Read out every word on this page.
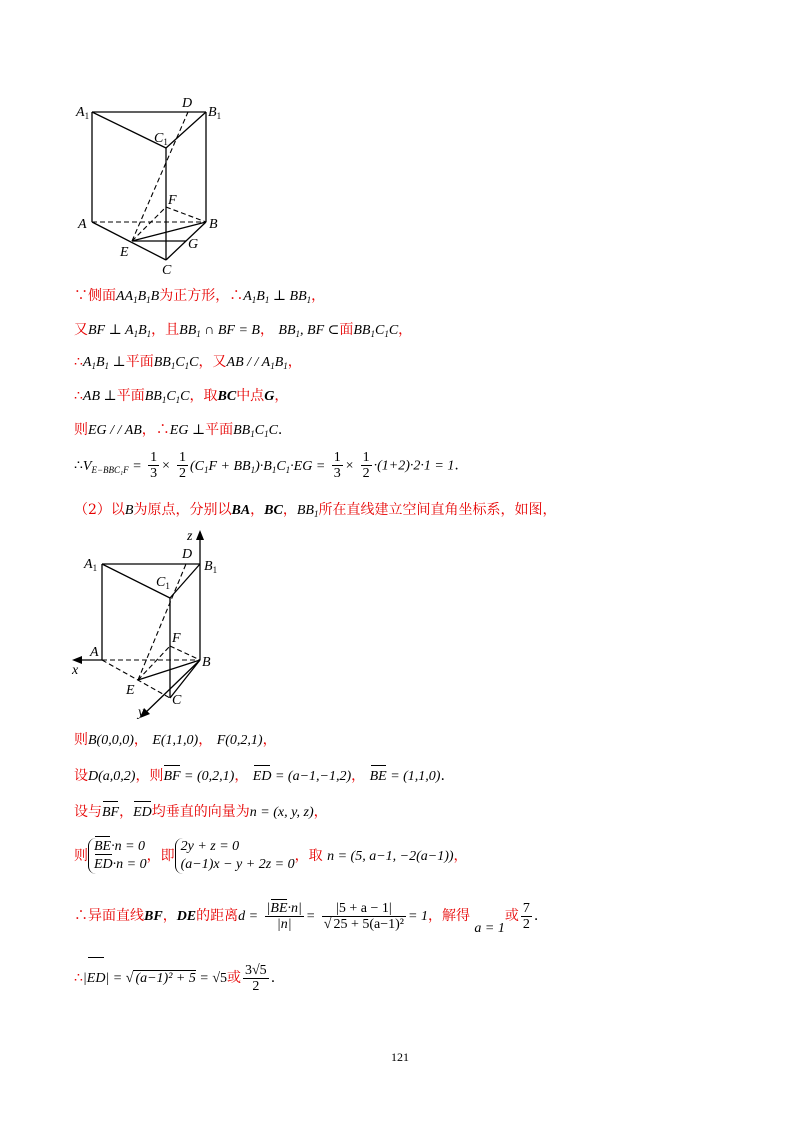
$A_1$
D
$B_1$
$C_1$
F
A	B
E
G
C
∵侧面$AA_1B_1B$为正方形，$\therefore A_1B_1$ ⊥ $BB_1$，
又BF ⊥ $A_1B_1$，且$BB_1$ ∩ BF = B， $BB_1$, BF ⊂面$BB_1C_1C$，
$\therefore A_1B_1$ ⊥平面$BB_1C_1C$，又AB / / $A_1B_1$，
∴AB ⊥平面$BB_1C_1C$，取BC中点G，
则EG / / AB，∴EG ⊥平面$BB_1C_1C$.
$\therefore V_{E-BBC_1F} = \frac{1}{3} \times \frac{1}{2} (C_1F + BB_1)\cdot B_1C_1\cdot EG = \frac{1}{3} \times \frac{1}{2} \cdot(1+2)\cdot 2\cdot 1 = 1$.
（2）以B为原点，分别以BA，BC，$BB_1$所在直线建立空间直角坐标系，如图，
z
$A_1$
D
$B_1$
$C_1$
F
A
B
x
E
C
y
则B(0,0,0)， E(1,1,0)， F(0,2,1)，
设D(a,0,2)，则BF = (0,2,1)， ED = (a−1,−1,2)， BE = (1,1,0).
设与BF，ED均垂直的向量为n = (x, y, z)，
则
BE·n = 0
ED·n = 0
，即
2y + z = 0
(a−1)x − y + 2z = 0
，取 n = (5, a−1, −2(a−1))，
∴异面直线BF，DE的距离$d = \frac{|BE\cdot n|}{|n|} = \frac{|5 + a - 1|}{\text{√ 25 + 5(a−1)²}} = 1$，解得 a = 1或 $\frac{7}{2}$ .
∴|ED| = √ (a−1)² + 5 = √5或 $\frac{3√5}{2}$ .
121
